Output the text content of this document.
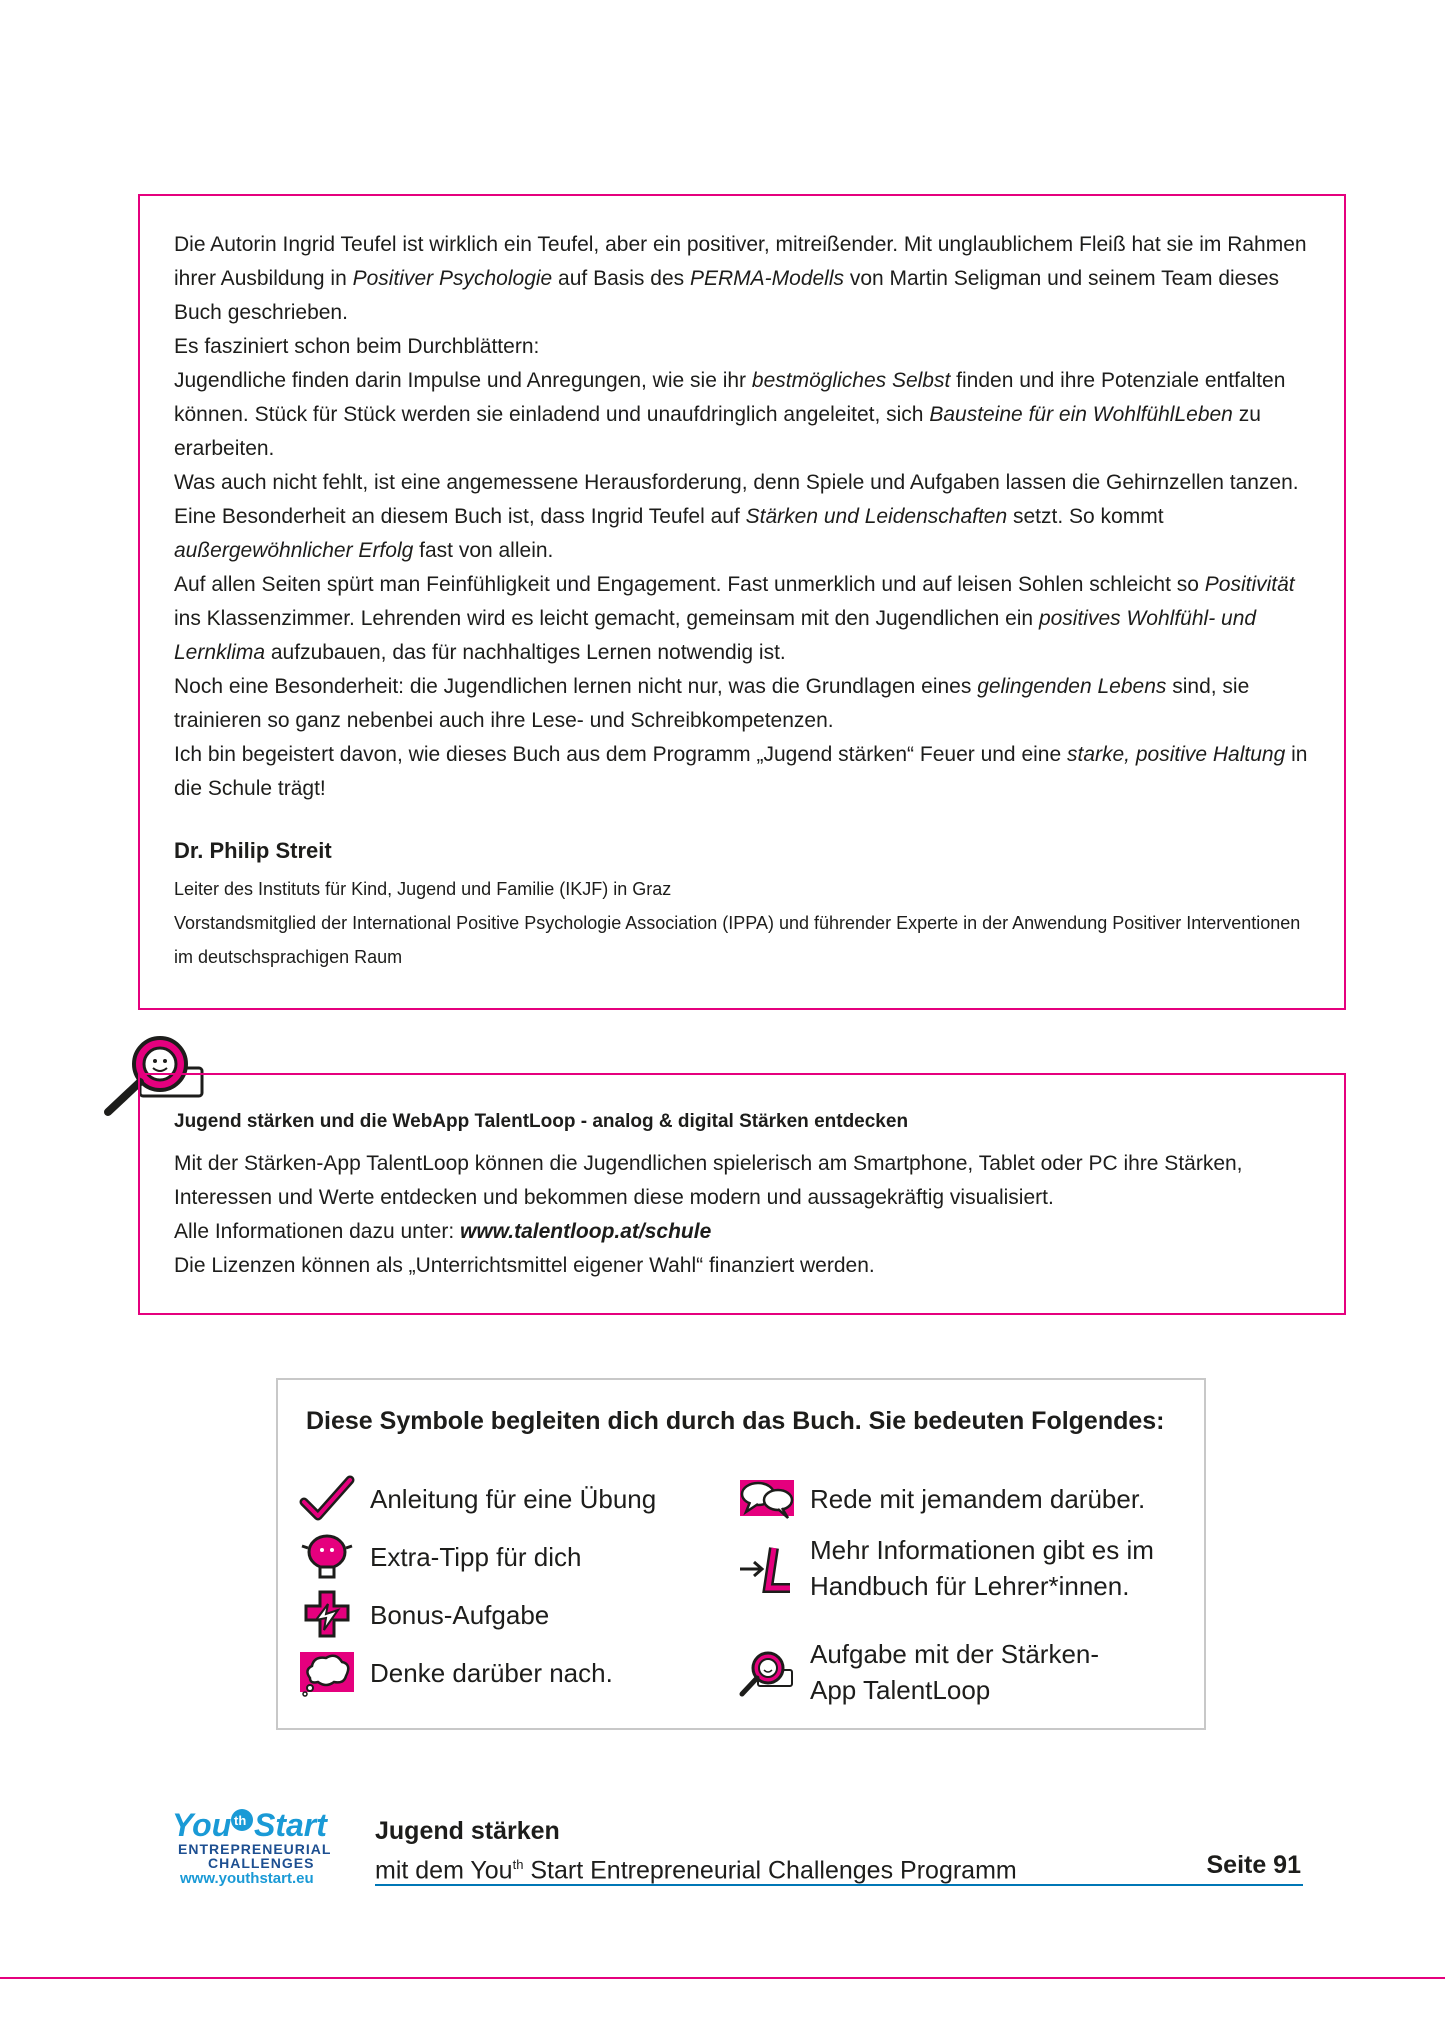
Die Autorin Ingrid Teufel ist wirklich ein Teufel, aber ein positiver, mitreißender. Mit unglaublichem Fleiß hat sie im Rahmen ihrer Ausbildung in Positiver Psychologie auf Basis des PERMA-Modells von Martin Seligman und seinem Team dieses Buch geschrieben.
Es fasziniert schon beim Durchblättern:
Jugendliche finden darin Impulse und Anregungen, wie sie ihr bestmögliches Selbst finden und ihre Potenziale entfalten können. Stück für Stück werden sie einladend und unaufdringlich angeleitet, sich Bausteine für ein WohlfühlLeben zu erarbeiten.
Was auch nicht fehlt, ist eine angemessene Herausforderung, denn Spiele und Aufgaben lassen die Gehirnzellen tanzen. Eine Besonderheit an diesem Buch ist, dass Ingrid Teufel auf Stärken und Leidenschaften setzt. So kommt außergewöhnlicher Erfolg fast von allein.
Auf allen Seiten spürt man Feinfühligkeit und Engagement. Fast unmerklich und auf leisen Sohlen schleicht so Positivität ins Klassenzimmer. Lehrenden wird es leicht gemacht, gemeinsam mit den Jugendlichen ein positives Wohlfühl- und Lernklima aufzubauen, das für nachhaltiges Lernen notwendig ist.
Noch eine Besonderheit: die Jugendlichen lernen nicht nur, was die Grundlagen eines gelingenden Lebens sind, sie trainieren so ganz nebenbei auch ihre Lese- und Schreibkompetenzen.
Ich bin begeistert davon, wie dieses Buch aus dem Programm „Jugend stärken“ Feuer und eine starke, positive Haltung in die Schule trägt!

Dr. Philip Streit

Leiter des Instituts für Kind, Jugend und Familie (IKJF) in Graz

Vorstandsmitglied der International Positive Psychologie Association (IPPA) und führender Experte in der Anwendung Positiver Interventionen im deutschsprachigen Raum

Jugend stärken und die WebApp TalentLoop - analog & digital Stärken entdecken

Mit der Stärken-App TalentLoop können die Jugendlichen spielerisch am Smartphone, Tablet oder PC ihre Stärken, Interessen und Werte entdecken und bekommen diese modern und aussagekräftig visualisiert.

Alle Informationen dazu unter: www.talentloop.at/schule

Die Lizenzen können als „Unterrichtsmittel eigener Wahl“ finanziert werden.

Diese Symbole begleiten dich durch das Buch. Sie bedeuten Folgendes:
Anleitung für eine Übung
Extra-Tipp für dich
Bonus-Aufgabe
Denke darüber nach.
Rede mit jemandem darüber.
Mehr Informationen gibt es im Handbuch für Lehrer*innen.
Aufgabe mit der Stärken-App TalentLoop
You th Start
ENTREPRENEURIAL
CHALLENGES
www.youthstart.eu
Jugend stärken
mit dem You$^{th}$ Start Entrepreneurial Challenges Programm	Seite 91
